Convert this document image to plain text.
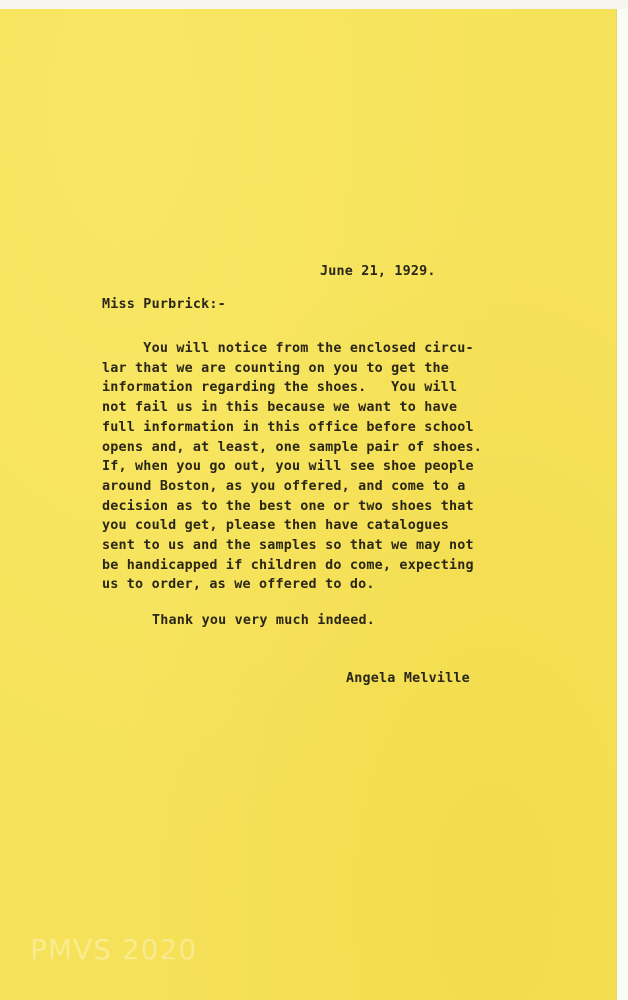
June 21, 1929.
Miss Purbrick:-
You will notice from the enclosed circu-
lar that we are counting on you to get the
information regarding the shoes.   You will
not fail us in this because we want to have
full information in this office before school
opens and, at least, one sample pair of shoes.
If, when you go out, you will see shoe people
around Boston, as you offered, and come to a
decision as to the best one or two shoes that
you could get, please then have catalogues
sent to us and the samples so that we may not
be handicapped if children do come, expecting
us to order, as we offered to do.
Thank you very much indeed.
Angela Melville
PMVS 2020
